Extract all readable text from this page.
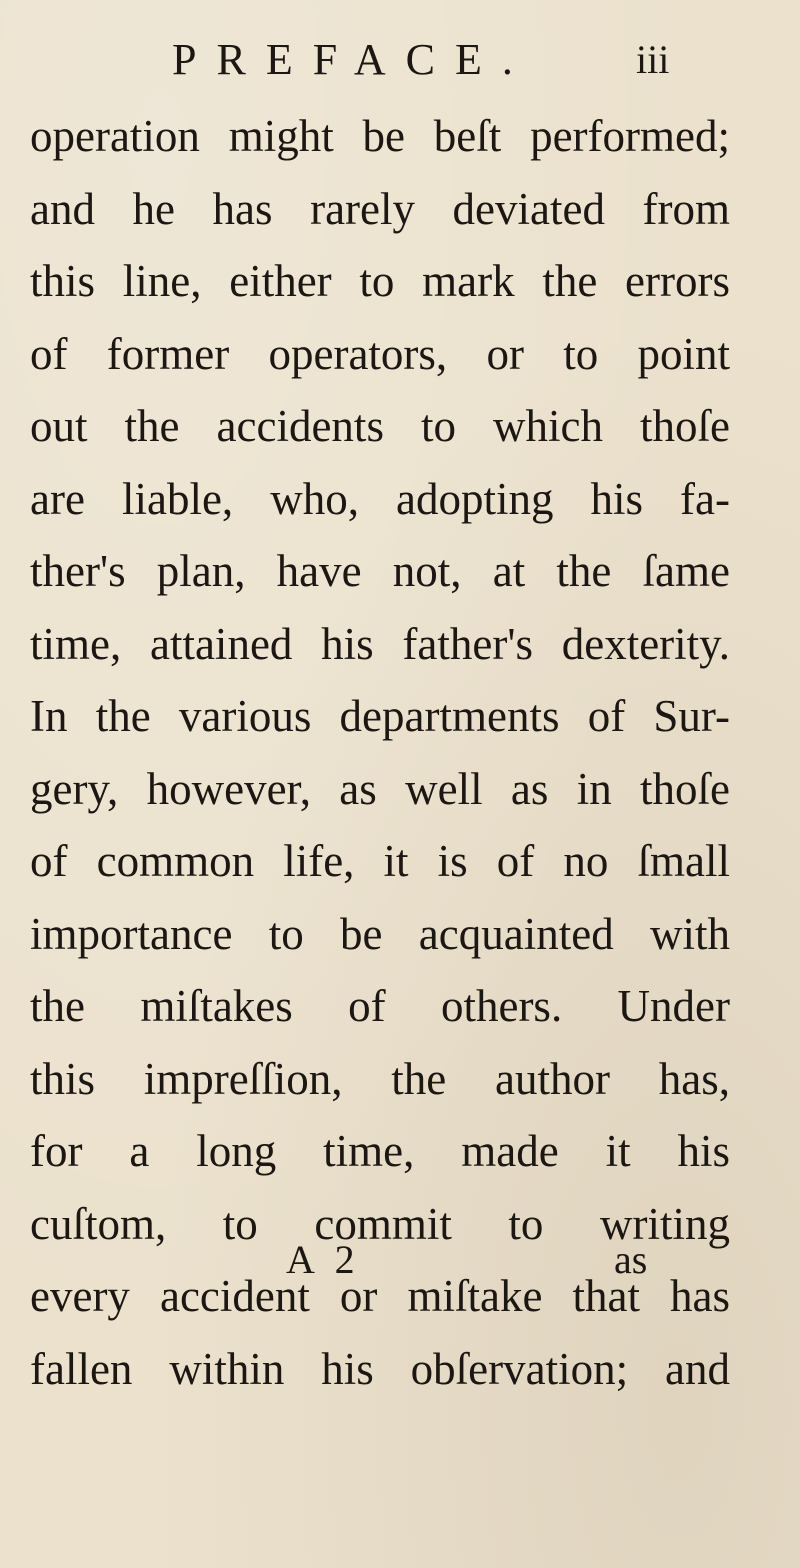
PREFACE.	iii
operation might be beſt performed;
and he has rarely deviated from
this line, either to mark the errors
of former operators, or to point
out the accidents to which thoſe
are liable, who, adopting his fa-
ther's plan, have not, at the ſame
time, attained his father's dexterity.
In the various departments of Sur-
gery, however, as well as in thoſe
of common life, it is of no ſmall
importance to be acquainted with
the miſtakes of others. Under
this impreſſion, the author has,
for a long time, made it his
cuſtom, to commit to writing
every accident or miſtake that has
fallen within his obſervation; and
A 2	as
